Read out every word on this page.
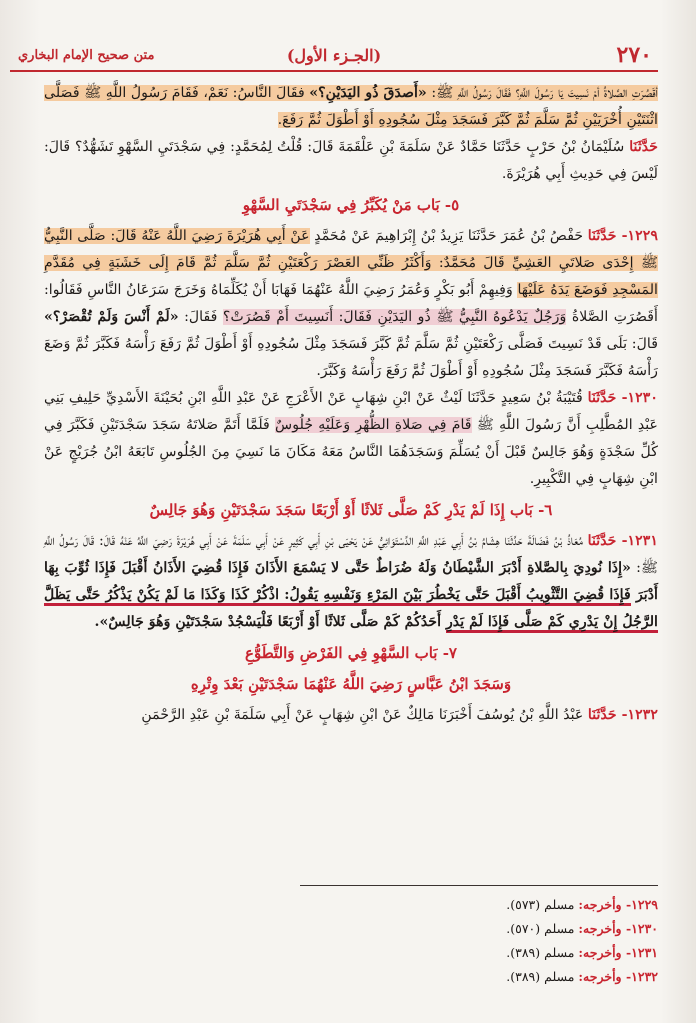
٢٧٠
(الجـزء الأول)
متن صحيح الإمام البخاري

أقَصُرَتِ الصَّلاةُ أمْ نَسِيتَ يَا رَسُولَ اللَّهِ؟ فَقَالَ رَسُولُ اللَّهِ ﷺ: «أَصدَقَ ذُو اليَدَيْنِ؟» فقَالَ النَّاسُ: نَعَمْ، فَقَامَ رَسُولُ اللَّهِ ﷺ فَصَلَّى اثْنَتَيْنِ أُخْرَيَيْنِ ثُمَّ سَلَّمَ ثُمَّ كَبَّرَ فَسَجَدَ مِثْلَ سُجُودِهِ أَوْ أَطْوَلَ ثُمَّ رَفَعَ.

حَدَّثَنَا سُلَيْمَانُ بْنُ حَرْبٍ حَدَّثَنَا حَمَّادٌ عَنْ سَلَمَةَ بْنِ عَلْقَمَةَ قَالَ: قُلْتُ لِمُحَمَّدٍ: فِي سَجْدَتَيِ السَّهْوِ تَشَهُّدٌ؟ قَالَ: لَيْسَ فِي حَدِيثِ أَبِي هُرَيْرَةَ.

٥- بَاب مَنْ يُكَبِّرُ فِي سَجْدَتَيِ السَّهْوِ

١٢٢٩- حَدَّثَنَا حَفْصُ بْنُ عُمَرَ حَدَّثَنَا يَزِيدُ بْنُ إِبْرَاهِيمَ عَنْ مُحَمَّدٍ عَنْ أَبِي هُرَيْرَةَ رَضِيَ اللَّهُ عَنْهُ قَالَ: صَلَّى النَّبِيُّ ﷺ إِحْدَى صَلاتَيِ العَشِيِّ قَالَ مُحَمَّدٌ: وَأَكْثَرُ ظَنِّي العَصْرَ رَكْعَتَيْنِ ثُمَّ سَلَّمَ ثُمَّ قَامَ إِلَى خَشَبَةٍ فِي مُقَدَّمِ المَسْجِدِ فَوَضَعَ يَدَهُ عَلَيْهَا وَفِيهِمْ أَبُو بَكْرٍ وَعُمَرُ رَضِيَ اللَّهُ عَنْهُمَا فَهَابَا أَنْ يُكَلِّمَاهُ وَخَرَجَ سَرَعَانُ النَّاسِ فَقَالُوا: أَقَصُرَتِ الصَّلاةُ وَرَجُلٌ يَدْعُوهُ النَّبِيُّ ﷺ ذُو اليَدَيْنِ فَقَالَ: أَنَسِيتَ أَمْ قَصُرَتْ؟ فَقَالَ: «لَمْ أَنْسَ وَلَمْ تُقْصَرْ؟» قَالَ: بَلَى قَدْ نَسِيتَ فَصَلَّى رَكْعَتَيْنِ ثُمَّ سَلَّمَ ثُمَّ كَبَّرَ فَسَجَدَ مِثْلَ سُجُودِهِ أَوْ أَطْوَلَ ثُمَّ رَفَعَ رَأْسَهُ فَكَبَّرَ ثُمَّ وَضَعَ رَأْسَهُ فَكَبَّرَ فَسَجَدَ مِثْلَ سُجُودِهِ أَوْ أَطْوَلَ ثُمَّ رَفَعَ رَأْسَهُ وَكَبَّرَ.

١٢٣٠- حَدَّثَنَا قُتَيْبَةُ بْنُ سَعِيدٍ حَدَّثَنَا لَيْثٌ عَنْ ابْنِ شِهَابٍ عَنْ الأَعْرَجِ عَنْ عَبْدِ اللَّهِ ابْنِ بُحَيْنَةَ الأَسْدِيِّ حَلِيفِ بَنِي عَبْدِ المُطَّلِبِ أَنَّ رَسُولَ اللَّهِ ﷺ قَامَ فِي صَلاةِ الظُّهْرِ وَعَلَيْهِ جُلُوسٌ فَلَمَّا أَتَمَّ صَلاتَهُ سَجَدَ سَجْدَتَيْنِ فَكَبَّرَ فِي كُلِّ سَجْدَةٍ وَهُوَ جَالِسٌ قَبْلَ أَنْ يُسَلِّمَ وَسَجَدَهُمَا النَّاسُ مَعَهُ مَكَانَ مَا نَسِيَ مِنَ الجُلُوسِ تَابَعَهُ ابْنُ جُرَيْجٍ عَنْ ابْنِ شِهَابٍ فِي التَّكْبِيرِ.

٦- بَاب إِذَا لَمْ يَدْرِ كَمْ صَلَّى ثَلاثًا أَوْ أَرْبَعًا سَجَدَ سَجْدَتَيْنِ وَهُوَ جَالِسٌ

١٢٣١- حَدَّثَنَا مُعَاذُ بْنُ فَضَالَةَ حَدَّثَنَا هِشَامُ بْنُ أَبِي عَبْدِ اللَّهِ الدَّسْتَوَائِيُّ عَنْ يَحْيَى بْنِ أَبِي كَثِيرٍ عَنْ أَبِي سَلَمَةَ عَنْ أَبِي هُرَيْرَةَ رَضِيَ اللَّهُ عَنْهُ قَالَ: قَالَ رَسُولُ اللَّهِ ﷺ: «إِذَا نُودِيَ بِالصَّلاةِ أَدْبَرَ الشَّيْطَانُ وَلَهُ ضُرَاطٌ حَتَّى لا يَسْمَعَ الأَذَانَ فَإِذَا قُضِيَ الأَذَانُ أَقْبَلَ فَإِذَا ثُوِّبَ بِهَا أَدْبَرَ فَإِذَا قُضِيَ التَّثْوِيبُ أَقْبَلَ حَتَّى يَخْطُرَ بَيْنَ المَرْءِ وَنَفْسِهِ يَقُولُ: اذْكُرْ كَذَا وَكَذَا مَا لَمْ يَكُنْ يَذْكُرُ حَتَّى يَظَلَّ الرَّجُلُ إِنْ يَدْرِي كَمْ صَلَّى فَإِذَا لَمْ يَدْرِ أَحَدُكُمْ كَمْ صَلَّى ثَلاثًا أَوْ أَرْبَعًا فَلْيَسْجُدْ سَجْدَتَيْنِ وَهُوَ جَالِسٌ».

٧- بَاب السَّهْوِ فِي الفَرْضِ وَالتَّطَوُّعِ
وَسَجَدَ ابْنُ عَبَّاسٍ رَضِيَ اللَّهُ عَنْهُمَا سَجْدَتَيْنِ بَعْدَ وِتْرِهِ

١٢٣٢- حَدَّثَنَا عَبْدُ اللَّهِ بْنُ يُوسُفَ أَخْبَرَنَا مَالِكٌ عَنْ ابْنِ شِهَابٍ عَنْ أَبِي سَلَمَةَ بْنِ عَبْدِ الرَّحْمَنِ

١٢٢٩- وأخرجه: مسلم (٥٧٣).
١٢٣٠- وأخرجه: مسلم (٥٧٠).
١٢٣١- وأخرجه: مسلم (٣٨٩).
١٢٣٢- وأخرجه: مسلم (٣٨٩).
